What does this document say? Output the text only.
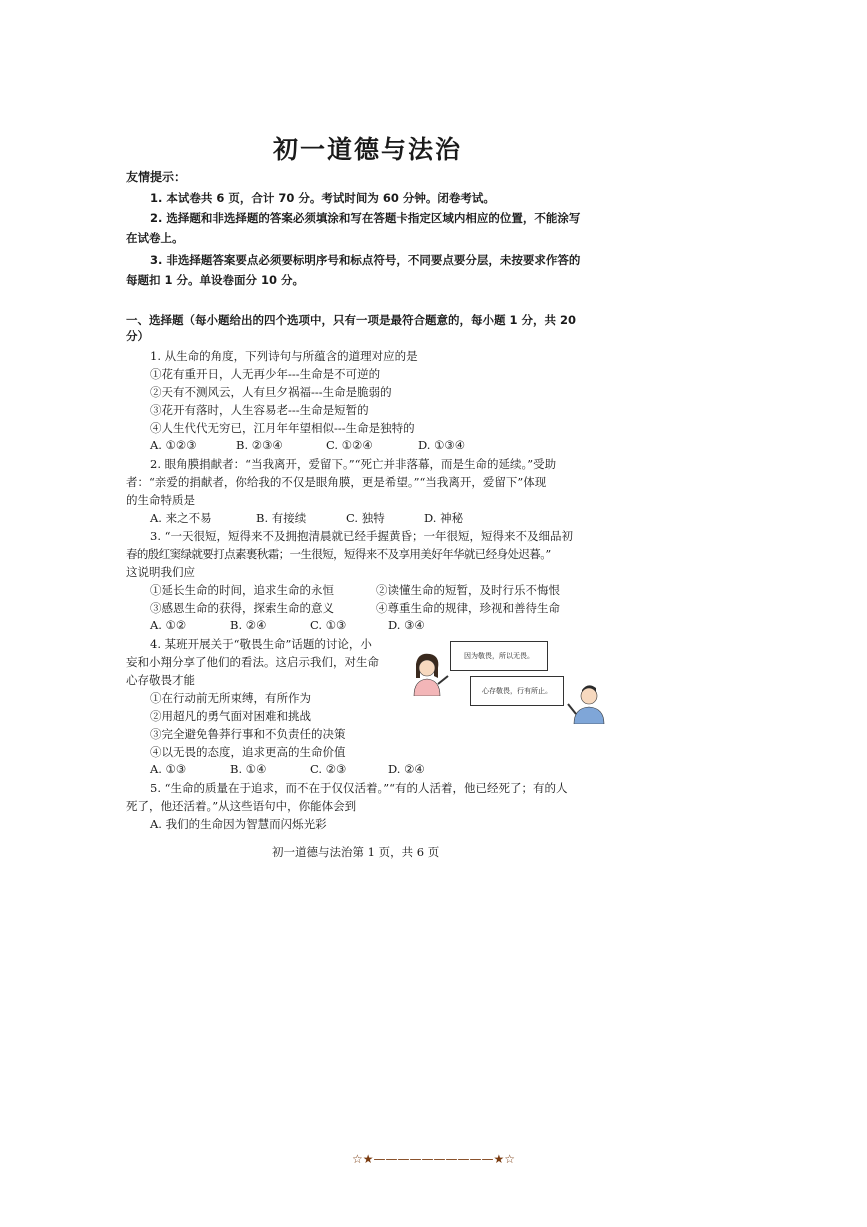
初一道德与法治
友情提示：
1. 本试卷共 6 页，合计 70 分。考试时间为 60 分钟。闭卷考试。
2. 选择题和非选择题的答案必须填涂和写在答题卡指定区域内相应的位置，不能涂写
在试卷上。
3. 非选择题答案要点必须要标明序号和标点符号，不同要点要分层，未按要求作答的
每题扣 1 分。单设卷面分 10 分。
一、选择题（每小题给出的四个选项中，只有一项是最符合题意的，每小题 1 分，共 20
分）
1. 从生命的角度，下列诗句与所蕴含的道理对应的是
①花有重开日，人无再少年---生命是不可逆的
②天有不测风云，人有旦夕祸福---生命是脆弱的
③花开有落时，人生容易老---生命是短暂的
④人生代代无穷已，江月年年望相似---生命是独特的
A. ①②③	B. ②③④	C. ①②④	D. ①③④
2. 眼角膜捐献者：“当我离开，爱留下。”“死亡并非落幕，而是生命的延续。”受助
者：“亲爱的捐献者，你给我的不仅是眼角膜，更是希望。”“当我离开，爱留下”体现
的生命特质是
A. 来之不易	B. 有接续	C. 独特	D. 神秘
3. “一天很短，短得来不及拥抱清晨就已经手握黄昏；一年很短，短得来不及细品初
春的殷红窦绿就要打点素裹秋霜；一生很短，短得来不及享用美好年华就已经身处迟暮。”
这说明我们应
①延长生命的时间，追求生命的永恒	②读懂生命的短暂，及时行乐不悔恨
③感恩生命的获得，探索生命的意义	④尊重生命的规律，珍视和善待生命
A. ①②	B. ②④	C. ①③	D. ③④
4. 某班开展关于“敬畏生命”话题的讨论，小
妄和小翔分享了他们的看法。这启示我们，对生命
心存敬畏才能
因为敬畏，所以无畏。
心存敬畏，行有所止。
①在行动前无所束缚，有所作为
②用超凡的勇气面对困难和挑战
③完全避免鲁莽行事和不负责任的决策
④以无畏的态度，追求更高的生命价值
A. ①③	B. ①④	C. ②③	D. ②④
5. “生命的质量在于追求，而不在于仅仅活着。”“有的人活着，他已经死了；有的人
死了，他还活着。”从这些语句中，你能体会到
A. 我们的生命因为智慧而闪烁光彩
初一道德与法治第 1 页，共 6 页
☆★——————————★☆
